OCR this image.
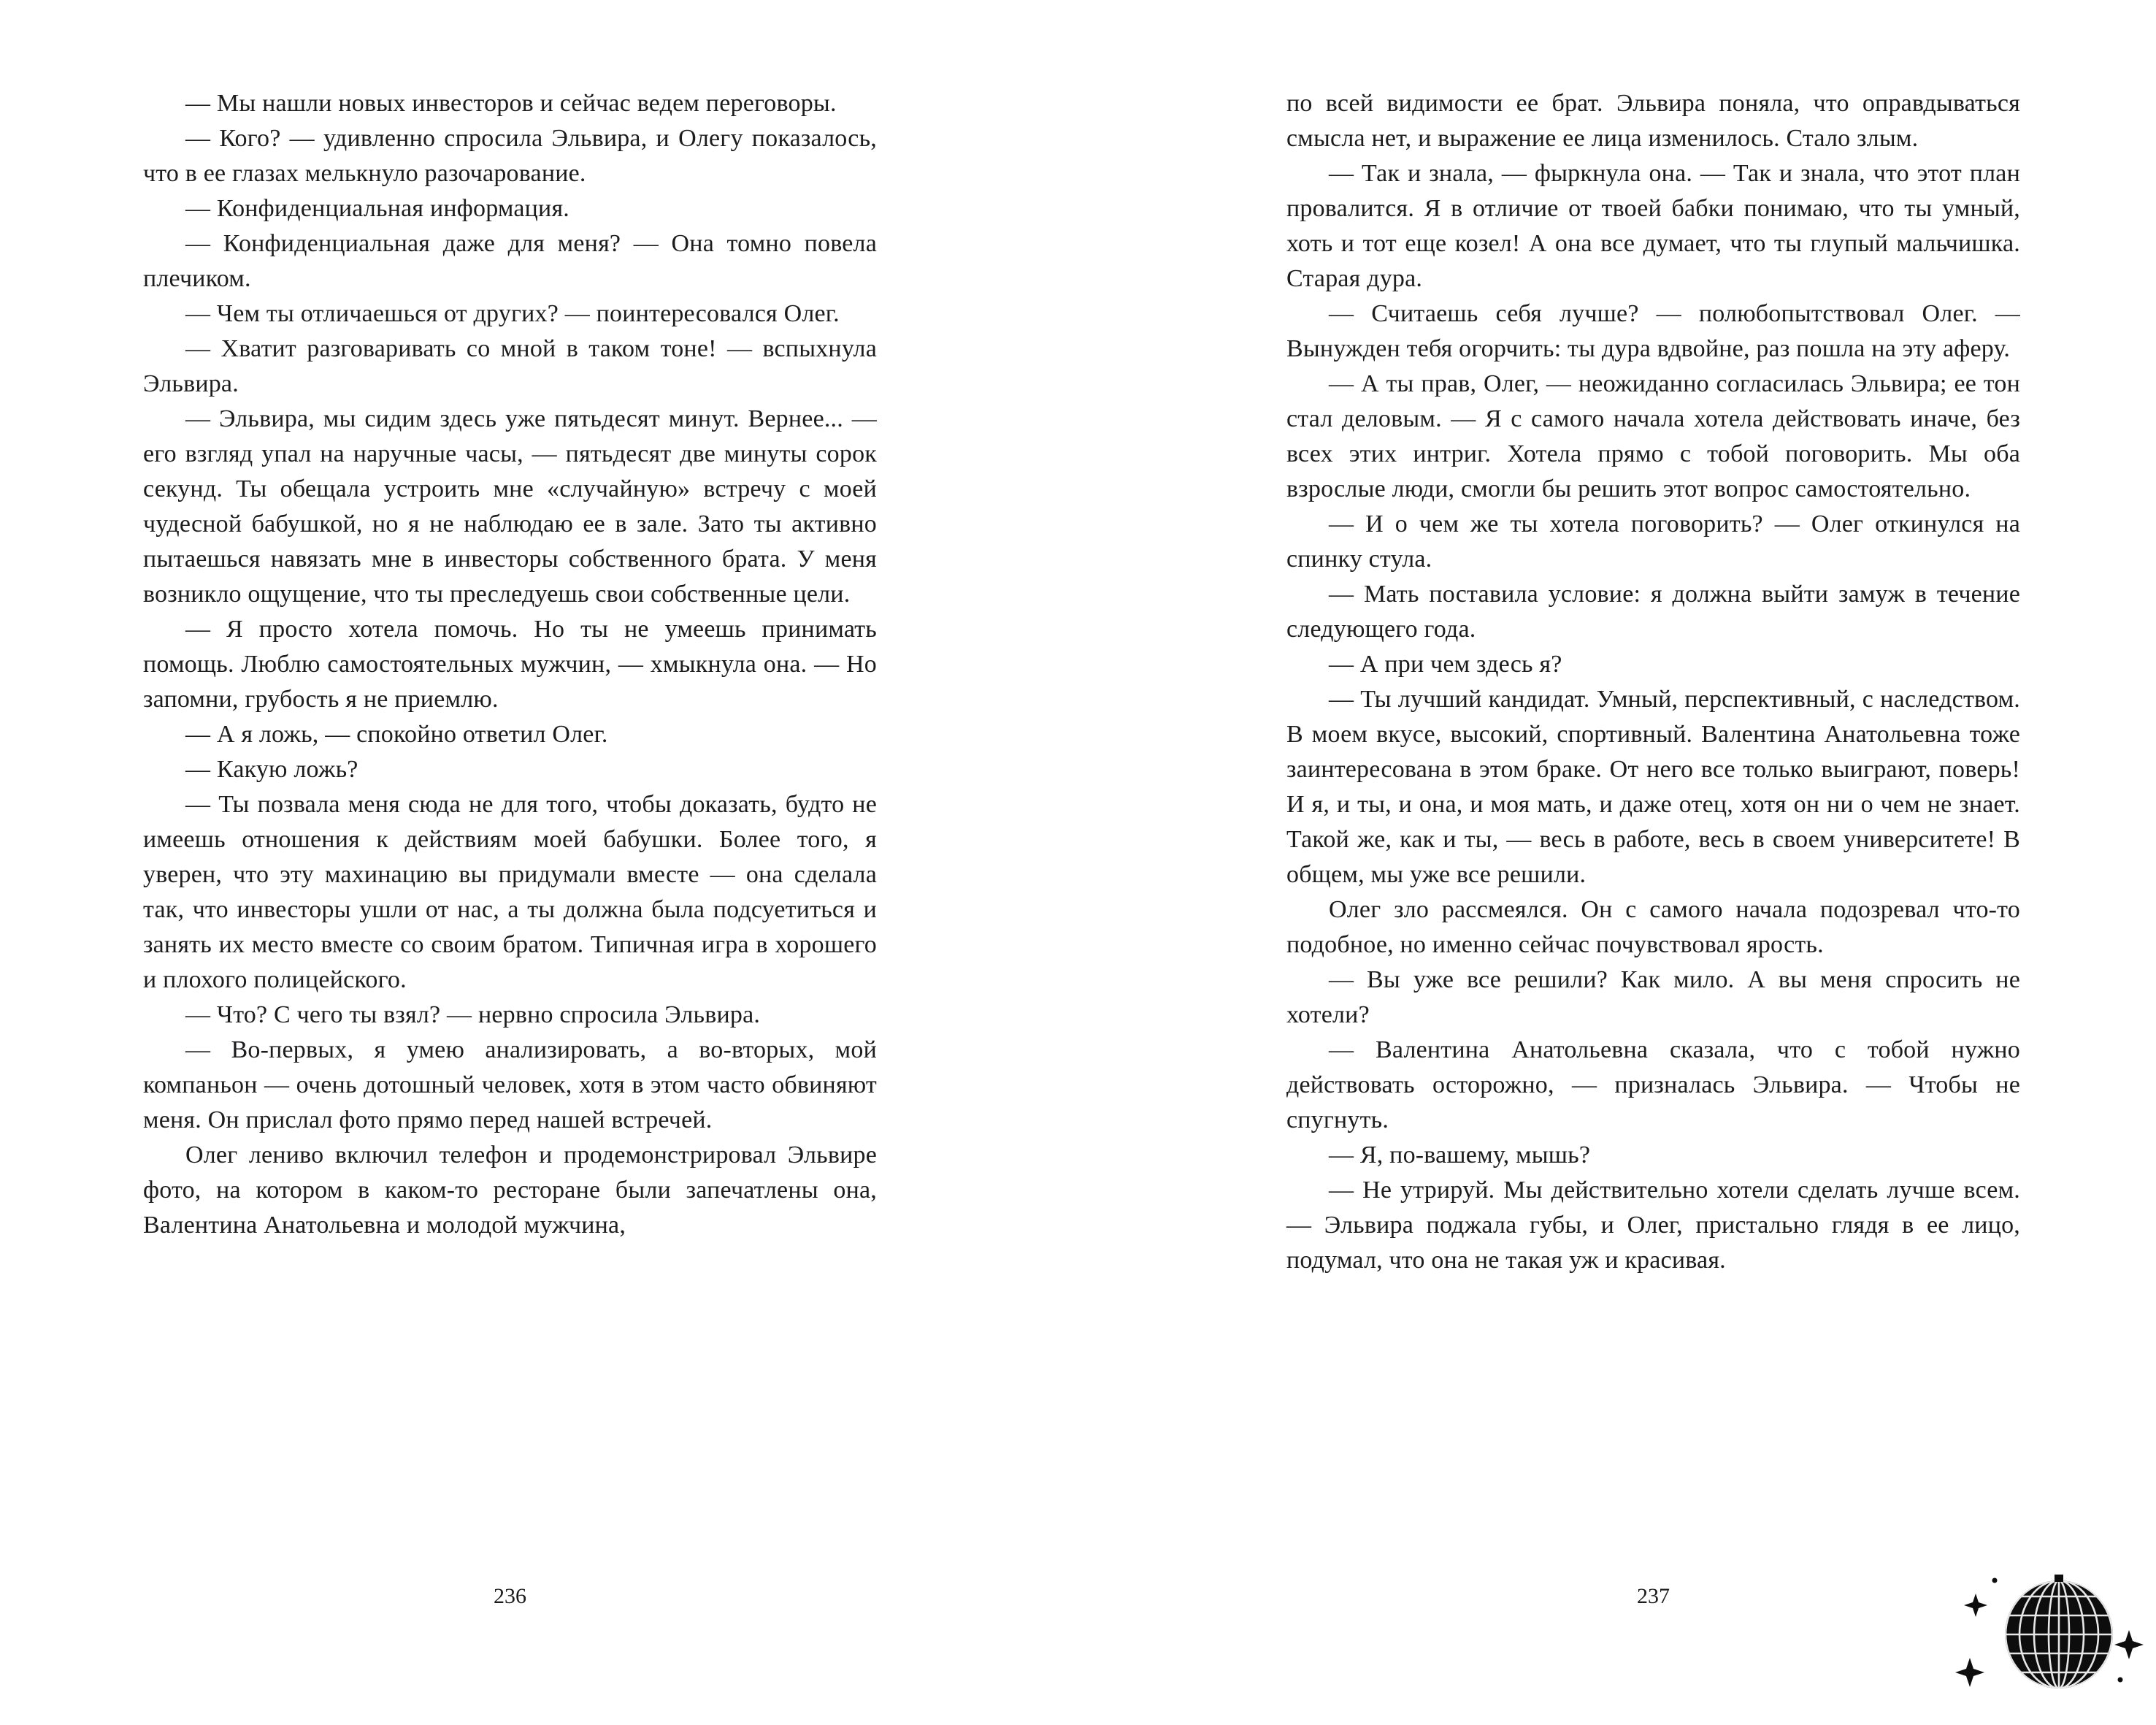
— Мы нашли новых инвесторов и сейчас ведем переговоры.

— Кого? — удивленно спросила Эльвира, и Олегу показалось, что в ее глазах мелькнуло разочарование.

— Конфиденциальная информация.

— Конфиденциальная даже для меня? — Она томно повела плечиком.

— Чем ты отличаешься от других? — поинтересовался Олег.

— Хватит разговаривать со мной в таком тоне! — вспыхнула Эльвира.

— Эльвира, мы сидим здесь уже пятьдесят минут. Вернее... — его взгляд упал на наручные часы, — пятьдесят две минуты сорок секунд. Ты обещала устроить мне «случайную» встречу с моей чудесной бабушкой, но я не наблюдаю ее в зале. Зато ты активно пытаешься навязать мне в инвесторы собственного брата. У меня возникло ощущение, что ты преследуешь свои собственные цели.

— Я просто хотела помочь. Но ты не умеешь принимать помощь. Люблю самостоятельных мужчин, — хмыкнула она. — Но запомни, грубость я не приемлю.

— А я ложь, — спокойно ответил Олег.

— Какую ложь?

— Ты позвала меня сюда не для того, чтобы доказать, будто не имеешь отношения к действиям моей бабушки. Более того, я уверен, что эту махинацию вы придумали вместе — она сделала так, что инвесторы ушли от нас, а ты должна была подсуетиться и занять их место вместе со своим братом. Типичная игра в хорошего и плохого полицейского.

— Что? С чего ты взял? — нервно спросила Эльвира.

— Во-первых, я умею анализировать, а во-вторых, мой компаньон — очень дотошный человек, хотя в этом часто обвиняют меня. Он прислал фото прямо перед нашей встречей.

Олег лениво включил телефон и продемонстрировал Эльвире фото, на котором в каком-то ресторане были запечатлены она, Валентина Анатольевна и молодой мужчина,

по всей видимости ее брат. Эльвира поняла, что оправдываться смысла нет, и выражение ее лица изменилось. Стало злым.

— Так и знала, — фыркнула она. — Так и знала, что этот план провалится. Я в отличие от твоей бабки понимаю, что ты умный, хоть и тот еще козел! А она все думает, что ты глупый мальчишка. Старая дура.

— Считаешь себя лучше? — полюбопытствовал Олег. — Вынужден тебя огорчить: ты дура вдвойне, раз пошла на эту аферу.

— А ты прав, Олег, — неожиданно согласилась Эльвира; ее тон стал деловым. — Я с самого начала хотела действовать иначе, без всех этих интриг. Хотела прямо с тобой поговорить. Мы оба взрослые люди, смогли бы решить этот вопрос самостоятельно.

— И о чем же ты хотела поговорить? — Олег откинулся на спинку стула.

— Мать поставила условие: я должна выйти замуж в течение следующего года.

— А при чем здесь я?

— Ты лучший кандидат. Умный, перспективный, с наследством. В моем вкусе, высокий, спортивный. Валентина Анатольевна тоже заинтересована в этом браке. От него все только выиграют, поверь! И я, и ты, и она, и моя мать, и даже отец, хотя он ни о чем не знает. Такой же, как и ты, — весь в работе, весь в своем университете! В общем, мы уже все решили.

Олег зло рассмеялся. Он с самого начала подозревал что-то подобное, но именно сейчас почувствовал ярость.

— Вы уже все решили? Как мило. А вы меня спросить не хотели?

— Валентина Анатольевна сказала, что с тобой нужно действовать осторожно, — призналась Эльвира. — Чтобы не спугнуть.

— Я, по-вашему, мышь?

— Не утрируй. Мы действительно хотели сделать лучше всем. — Эльвира поджала губы, и Олег, пристально глядя в ее лицо, подумал, что она не такая уж и красивая.

236	237
